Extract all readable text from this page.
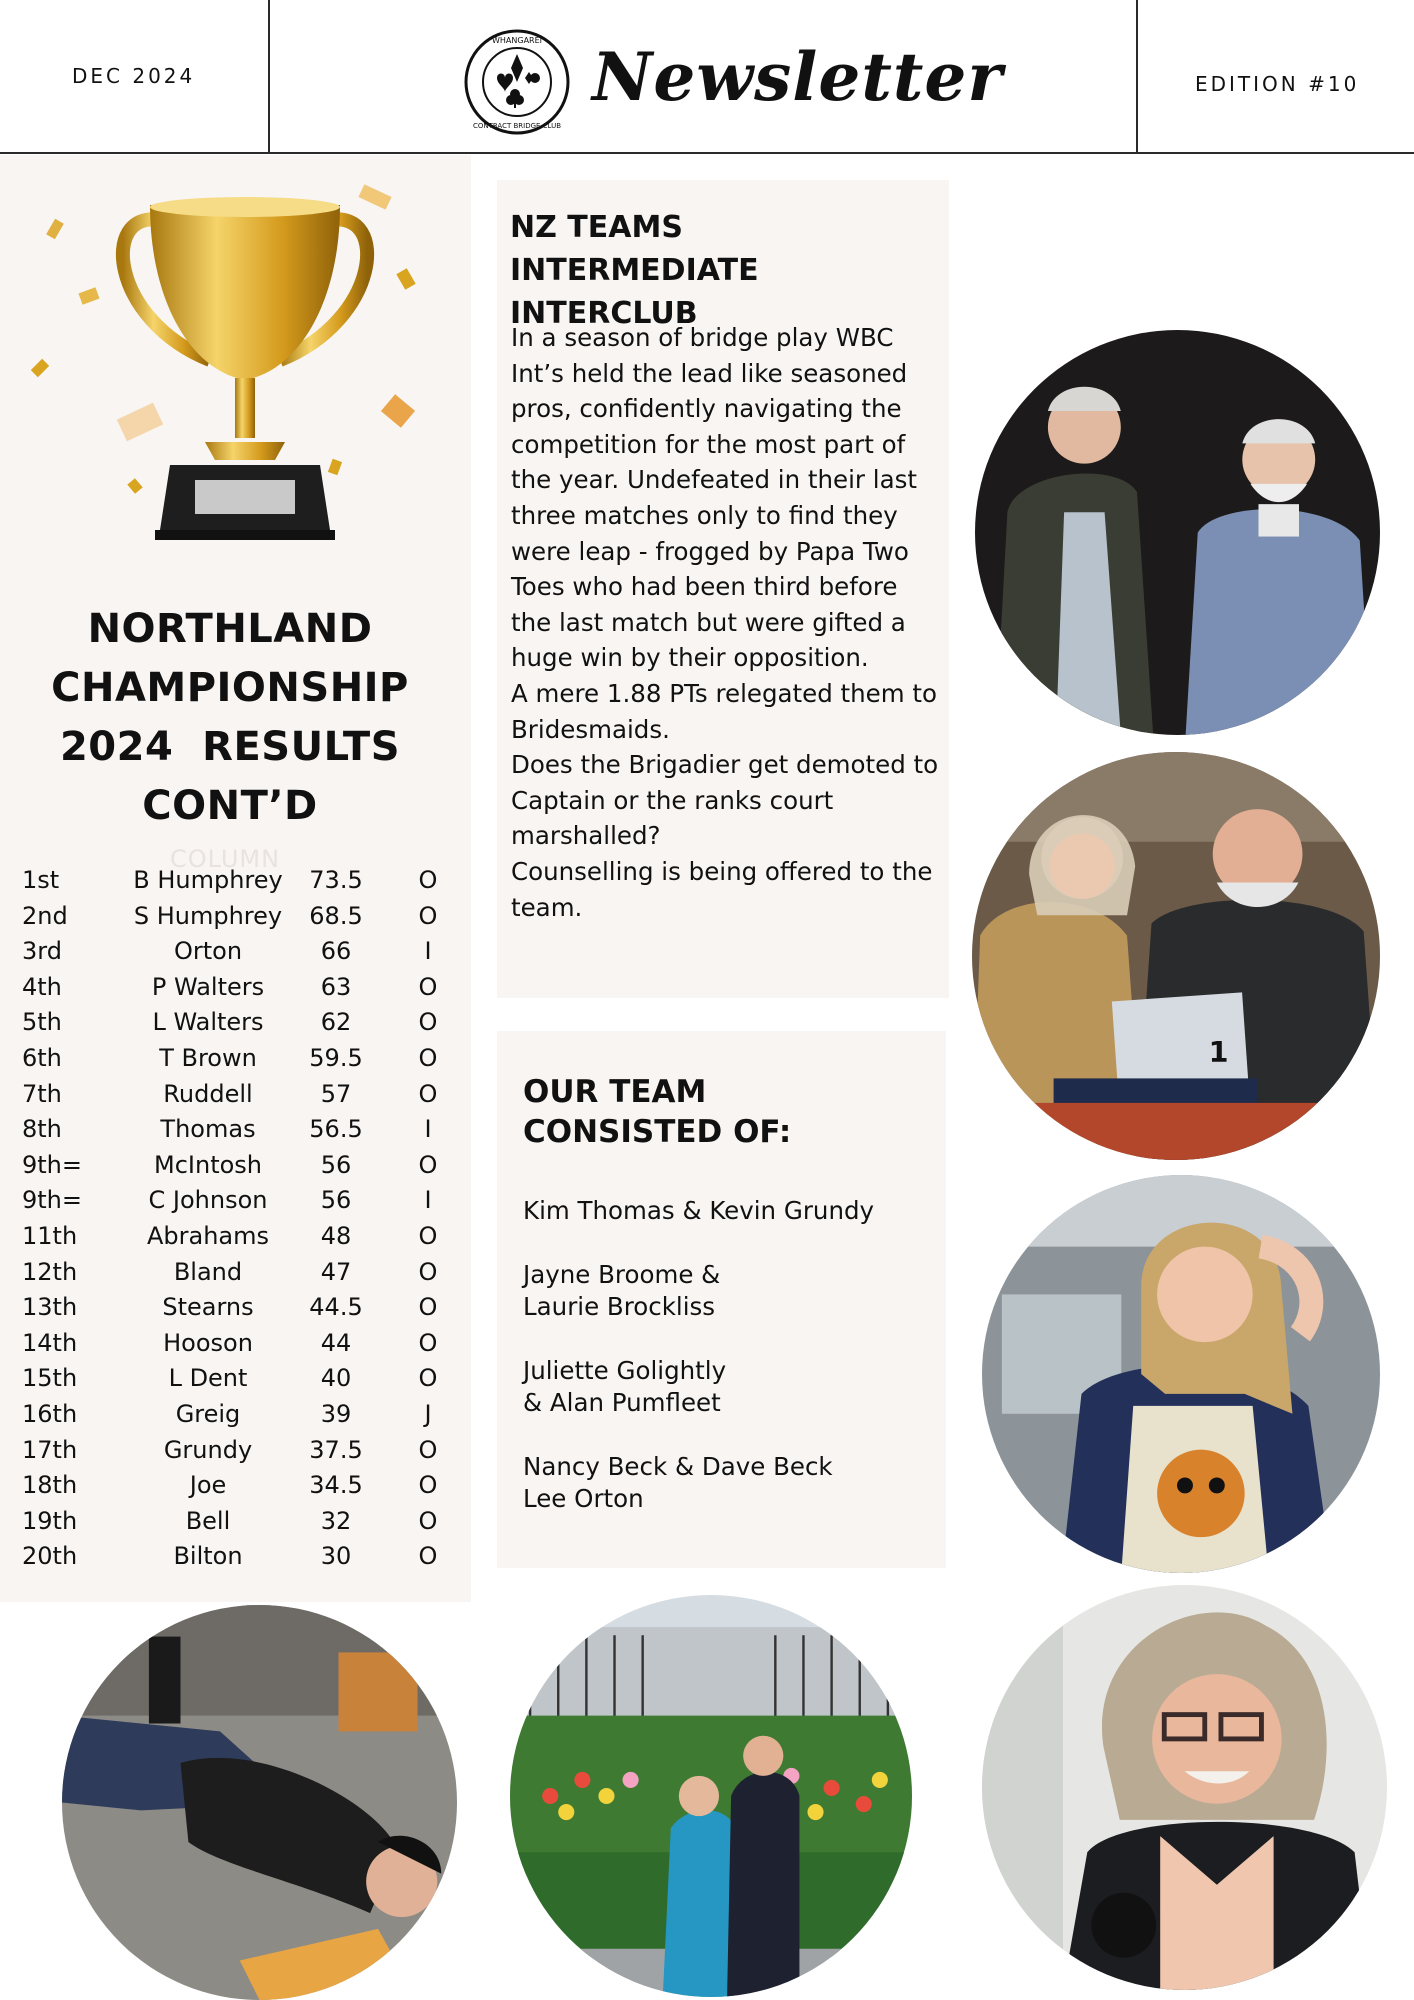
DEC 2024
WHANGAREI
CONTRACT BRIDGE CLUB
Newsletter	EDITION #10
NORTHLAND
CHAMPIONSHIP
2024  RESULTS
CONT’D
COLUMN
1st	B Humphrey	73.5 O
2nd	S Humphrey	68.5 O
3rd	Orton	66	I
4th	P Walters	63	O
5th	L Walters	62	O
6th	T Brown	59.5 O
7th	Ruddell	57	O
8th	Thomas	56.5	I
9th=	McIntosh	56	O
9th=	C Johnson	56	I
11th	Abrahams	48	O
12th	Bland	47	O
13th	Stearns	44.5 O
14th	Hooson	44	O
15th	L Dent	40	O
16th	Greig	39	J
17th	Grundy	37.5 O
18th	Joe	34.5 O
19th	Bell	32	O
20th	Bilton	30	O
NZ TEAMS INTERMEDIATE
INTERCLUB

In a season of bridge play WBC Int’s held the lead like seasoned pros, confidently navigating the competition for the most part of the year. Undefeated in their last three matches only to find they were leap - frogged by Papa Two Toes who had been third before the last match but were gifted a huge win by their opposition.

A mere 1.88 PTs relegated them to Bridesmaids.

Does the Brigadier get demoted to Captain or the ranks court marshalled?

Counselling is being offered to the team.

OUR TEAM
CONSISTED OF:

Kim Thomas & Kevin Grundy

Jayne Broome &
Laurie Brockliss

Juliette Golightly
& Alan Pumfleet

Nancy Beck & Dave Beck
Lee Orton

1
